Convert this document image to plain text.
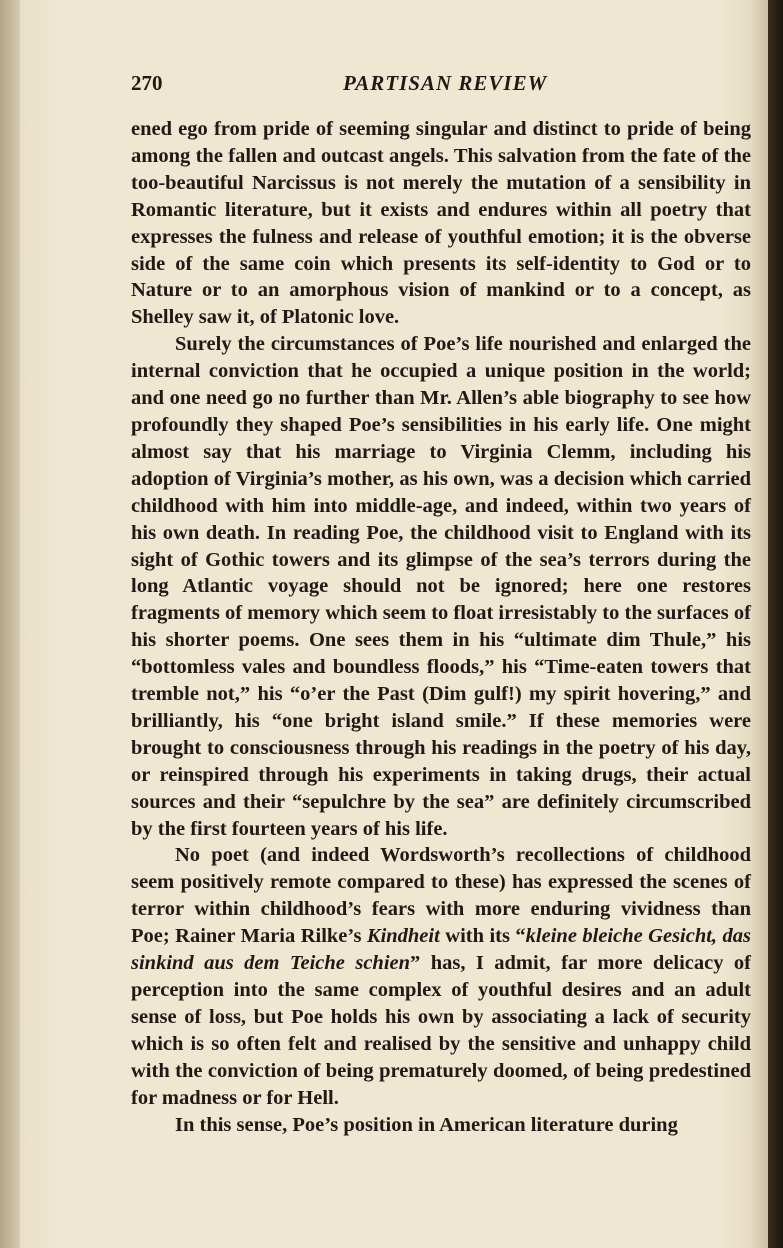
270	PARTISAN REVIEW

ened ego from pride of seeming singular and distinct to pride of being among the fallen and outcast angels. This salvation from the fate of the too-beautiful Narcissus is not merely the mutation of a sensibility in Romantic literature, but it exists and endures within all poetry that expresses the fulness and release of youthful emotion; it is the obverse side of the same coin which presents its self-identity to God or to Nature or to an amorphous vision of mankind or to a concept, as Shelley saw it, of Platonic love.

Surely the circumstances of Poe’s life nourished and enlarged the internal conviction that he occupied a unique position in the world; and one need go no further than Mr. Allen’s able biography to see how profoundly they shaped Poe’s sensibilities in his early life. One might almost say that his marriage to Virginia Clemm, including his adoption of Virginia’s mother, as his own, was a decision which carried childhood with him into middle-age, and indeed, within two years of his own death. In reading Poe, the childhood visit to England with its sight of Gothic towers and its glimpse of the sea’s terrors during the long Atlantic voyage should not be ignored; here one restores fragments of memory which seem to float irresistably to the surfaces of his shorter poems. One sees them in his “ultimate dim Thule,” his “bottomless vales and boundless floods,” his “Time-eaten towers that tremble not,” his “o’er the Past (Dim gulf!) my spirit hovering,” and brilliantly, his “one bright island smile.” If these memories were brought to consciousness through his readings in the poetry of his day, or reinspired through his experiments in taking drugs, their actual sources and their “sepulchre by the sea” are definitely circumscribed by the first fourteen years of his life.

No poet (and indeed Wordsworth’s recollections of childhood seem positively remote compared to these) has expressed the scenes of terror within childhood’s fears with more enduring vividness than Poe; Rainer Maria Rilke’s Kindheit with its “kleine bleiche Gesicht, das sinkind aus dem Teiche schien” has, I admit, far more delicacy of perception into the same complex of youthful desires and an adult sense of loss, but Poe holds his own by associating a lack of security which is so often felt and realised by the sensitive and unhappy child with the conviction of being prematurely doomed, of being predestined for madness or for Hell.

In this sense, Poe’s position in American literature during
